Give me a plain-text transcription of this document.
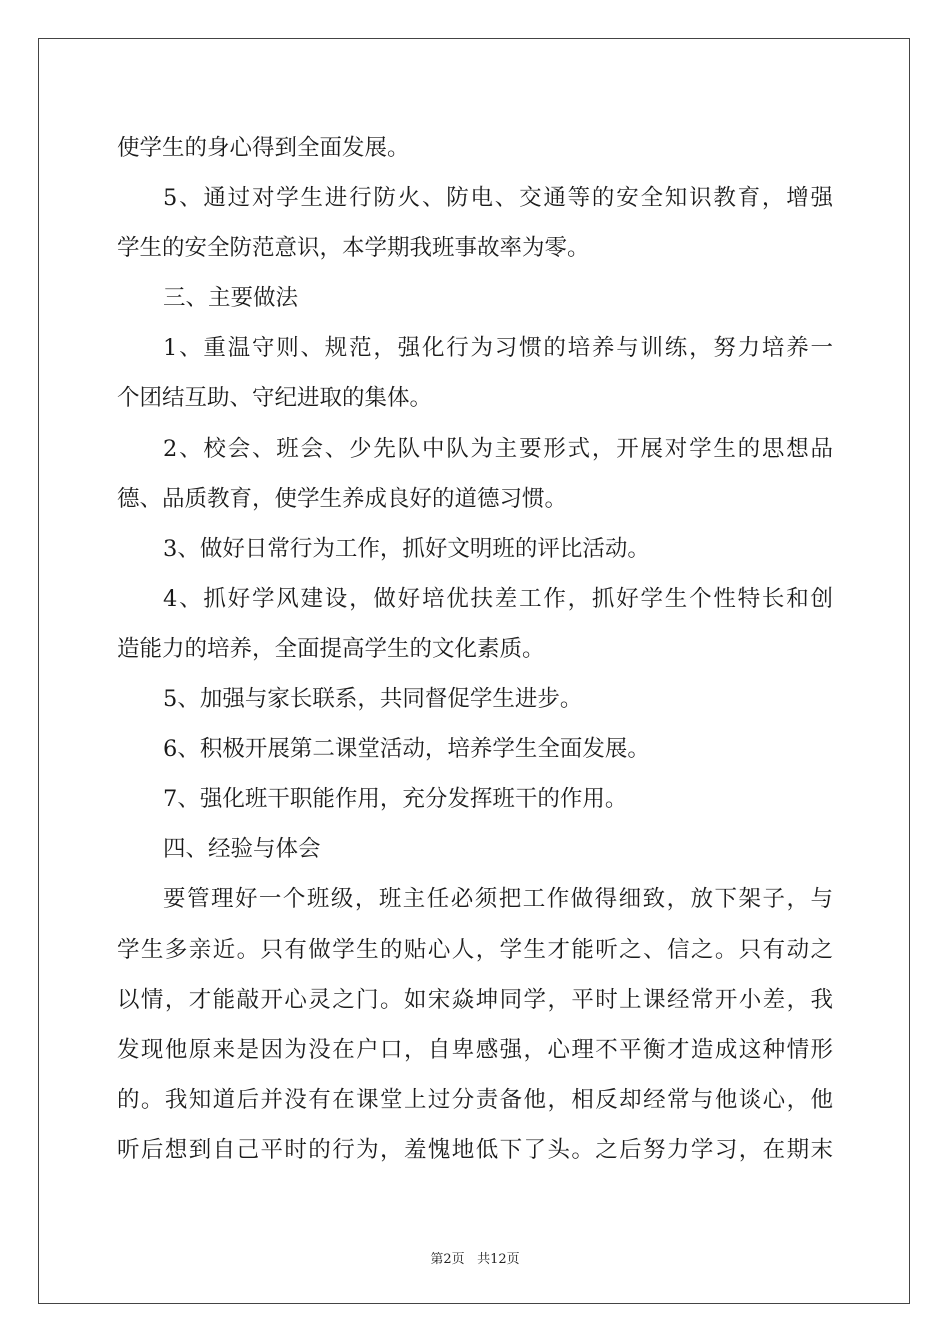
使学生的身心得到全面发展。
5、通过对学生进行防火、防电、交通等的安全知识教育，增强
学生的安全防范意识，本学期我班事故率为零。
三、主要做法
1、重温守则、规范，强化行为习惯的培养与训练，努力培养一
个团结互助、守纪进取的集体。
2、校会、班会、少先队中队为主要形式，开展对学生的思想品
德、品质教育，使学生养成良好的道德习惯。
3、做好日常行为工作，抓好文明班的评比活动。
4、抓好学风建设，做好培优扶差工作，抓好学生个性特长和创
造能力的培养，全面提高学生的文化素质。
5、加强与家长联系，共同督促学生进步。
6、积极开展第二课堂活动，培养学生全面发展。
7、强化班干职能作用，充分发挥班干的作用。
四、经验与体会
要管理好一个班级，班主任必须把工作做得细致，放下架子，与
学生多亲近。只有做学生的贴心人，学生才能听之、信之。只有动之
以情，才能敲开心灵之门。如宋焱坤同学，平时上课经常开小差，我
发现他原来是因为没在户口，自卑感强，心理不平衡才造成这种情形
的。我知道后并没有在课堂上过分责备他，相反却经常与他谈心，他
听后想到自己平时的行为，羞愧地低下了头。之后努力学习，在期末
第2页 共12页
